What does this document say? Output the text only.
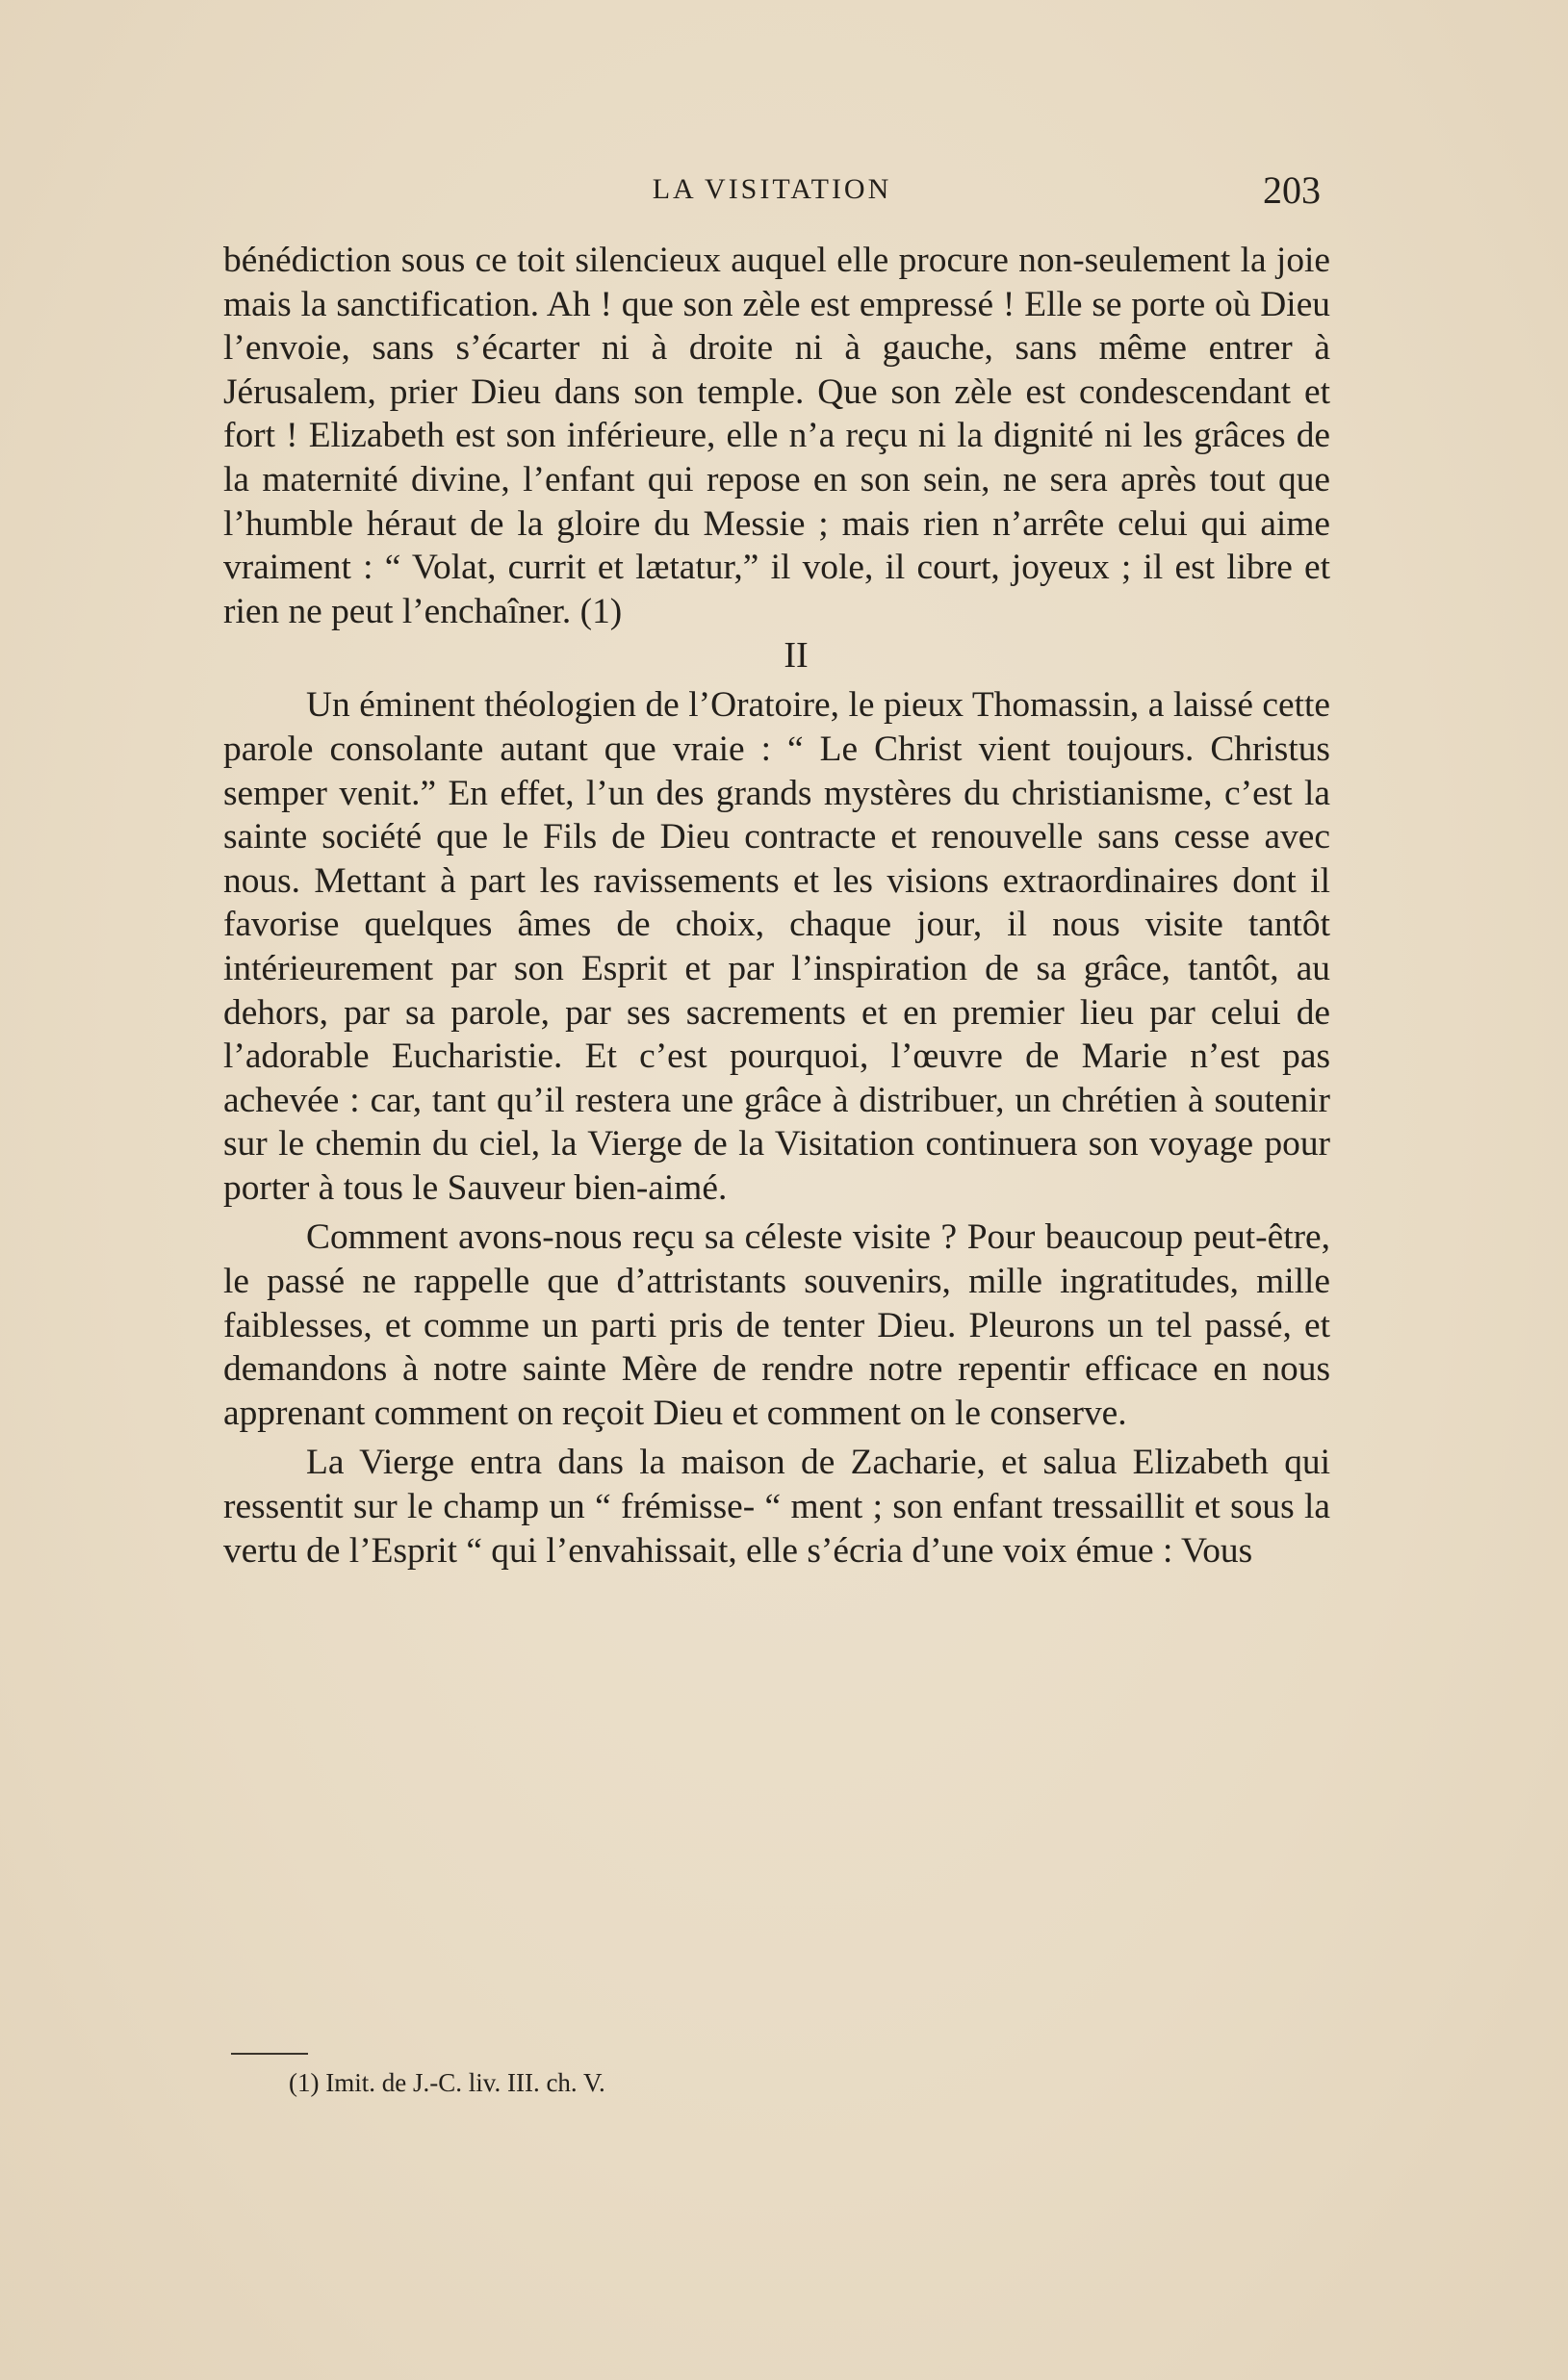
LA VISITATION	203

bénédiction sous ce toit silencieux auquel elle procure non-seulement la joie mais la sanctification. Ah ! que son zèle est empressé ! Elle se porte où Dieu l’envoie, sans s’écarter ni à droite ni à gauche, sans même entrer à Jérusalem, prier Dieu dans son temple. Que son zèle est condescendant et fort ! Elizabeth est son inférieure, elle n’a reçu ni la dignité ni les grâces de la maternité divine, l’enfant qui repose en son sein, ne sera après tout que l’humble héraut de la gloire du Messie ; mais rien n’arrête celui qui aime vraiment : “ Volat, currit et lætatur,” il vole, il court, joyeux ; il est libre et rien ne peut l’enchaîner. (1)

II

Un éminent théologien de l’Oratoire, le pieux Thomassin, a laissé cette parole consolante autant que vraie : “ Le Christ vient toujours. Christus semper venit.” En effet, l’un des grands mystères du christianisme, c’est la sainte société que le Fils de Dieu contracte et renouvelle sans cesse avec nous. Mettant à part les ravissements et les visions extraordinaires dont il favorise quelques âmes de choix, chaque jour, il nous visite tantôt intérieurement par son Esprit et par l’inspiration de sa grâce, tantôt, au dehors, par sa parole, par ses sacrements et en premier lieu par celui de l’adorable Eucharistie. Et c’est pourquoi, l’œuvre de Marie n’est pas achevée : car, tant qu’il restera une grâce à distribuer, un chrétien à soutenir sur le chemin du ciel, la Vierge de la Visitation continuera son voyage pour porter à tous le Sauveur bien-aimé.

Comment avons-nous reçu sa céleste visite ? Pour beaucoup peut-être, le passé ne rappelle que d’attristants souvenirs, mille ingratitudes, mille faiblesses, et comme un parti pris de tenter Dieu. Pleurons un tel passé, et demandons à notre sainte Mère de rendre notre repentir efficace en nous apprenant comment on reçoit Dieu et comment on le conserve.

La Vierge entra dans la maison de Zacharie, et salua Elizabeth qui ressentit sur le champ un “ frémisse- “ ment ; son enfant tressaillit et sous la vertu de l’Esprit “ qui l’envahissait, elle s’écria d’une voix émue : Vous

(1) Imit. de J.-C. liv. III. ch. V.
